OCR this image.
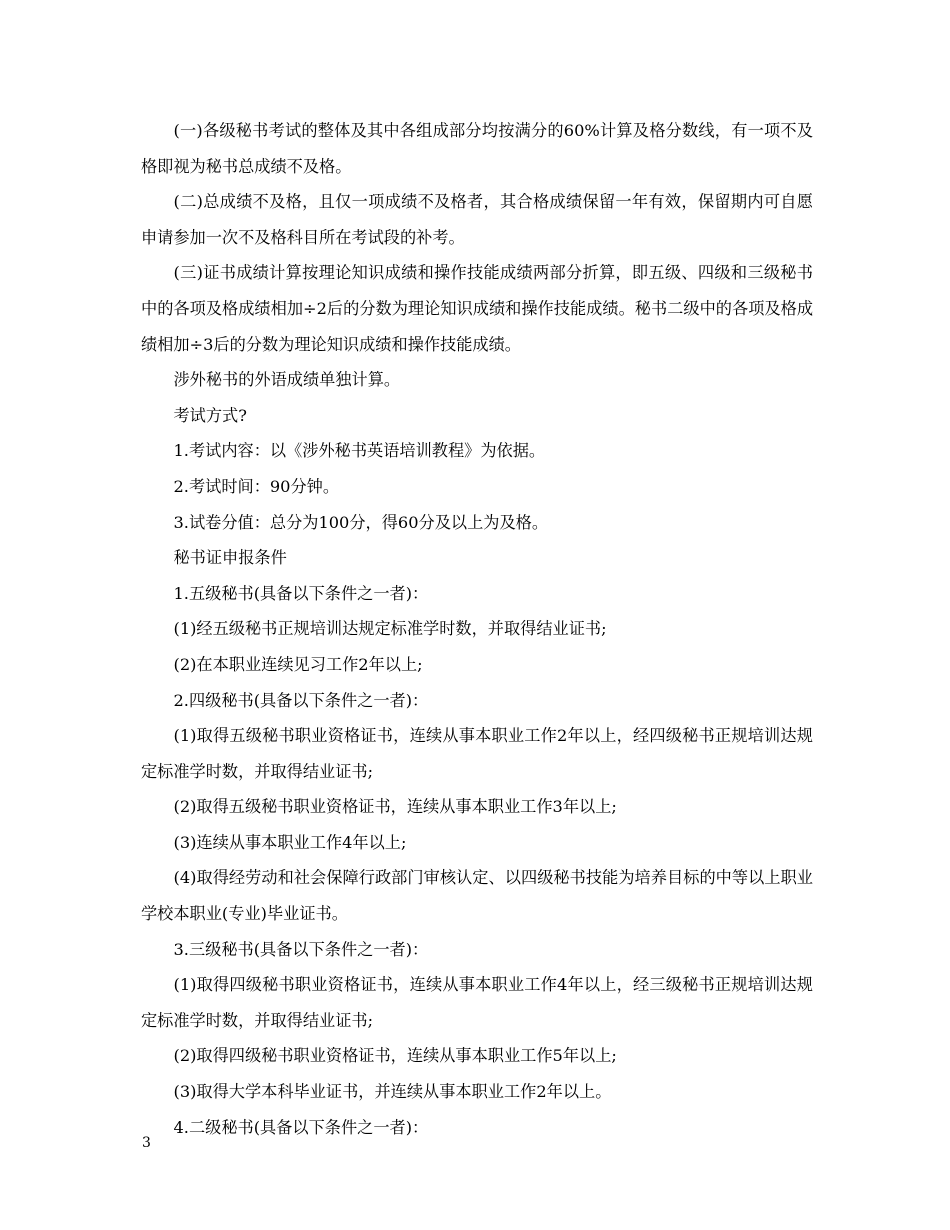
(一)各级秘书考试的整体及其中各组成部分均按满分的60%计算及格分数线，有一项不及格即视为秘书总成绩不及格。

(二)总成绩不及格，且仅一项成绩不及格者，其合格成绩保留一年有效，保留期内可自愿申请参加一次不及格科目所在考试段的补考。

(三)证书成绩计算按理论知识成绩和操作技能成绩两部分折算，即五级、四级和三级秘书中的各项及格成绩相加÷2后的分数为理论知识成绩和操作技能成绩。秘书二级中的各项及格成绩相加÷3后的分数为理论知识成绩和操作技能成绩。

涉外秘书的外语成绩单独计算。

考试方式?

1.考试内容：以《涉外秘书英语培训教程》为依据。

2.考试时间：90分钟。

3.试卷分值：总分为100分，得60分及以上为及格。

秘书证申报条件

1.五级秘书(具备以下条件之一者)：

(1)经五级秘书正规培训达规定标准学时数，并取得结业证书;

(2)在本职业连续见习工作2年以上;

2.四级秘书(具备以下条件之一者)：

(1)取得五级秘书职业资格证书，连续从事本职业工作2年以上，经四级秘书正规培训达规定标准学时数，并取得结业证书;

(2)取得五级秘书职业资格证书，连续从事本职业工作3年以上;

(3)连续从事本职业工作4年以上;

(4)取得经劳动和社会保障行政部门审核认定、以四级秘书技能为培养目标的中等以上职业学校本职业(专业)毕业证书。

3.三级秘书(具备以下条件之一者)：

(1)取得四级秘书职业资格证书，连续从事本职业工作4年以上，经三级秘书正规培训达规定标准学时数，并取得结业证书;

(2)取得四级秘书职业资格证书，连续从事本职业工作5年以上;

(3)取得大学本科毕业证书，并连续从事本职业工作2年以上。

4.二级秘书(具备以下条件之一者)：

3
